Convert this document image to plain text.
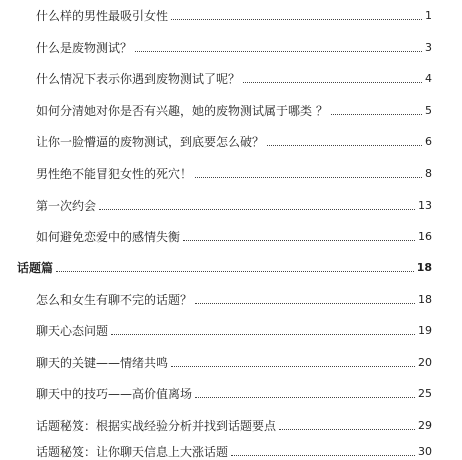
什么样的男性最吸引女性	1
什么是废物测试？	3
什么情况下表示你遇到废物测试了呢？	4
如何分清她对你是否有兴趣，她的废物测试属于哪类 ？	5
让你一脸懵逼的废物测试，到底要怎么破？	6
男性绝不能冒犯女性的死穴！	8
第一次约会	13
如何避免恋爱中的感情失衡	16
话题篇	18
怎么和女生有聊不完的话题？	18
聊天心态问题	19
聊天的关键——情绪共鸣	20
聊天中的技巧——高价值离场	25
话题秘笈：根据实战经验分析并找到话题要点	29
话题秘笈：让你聊天信息上大涨话题	30
